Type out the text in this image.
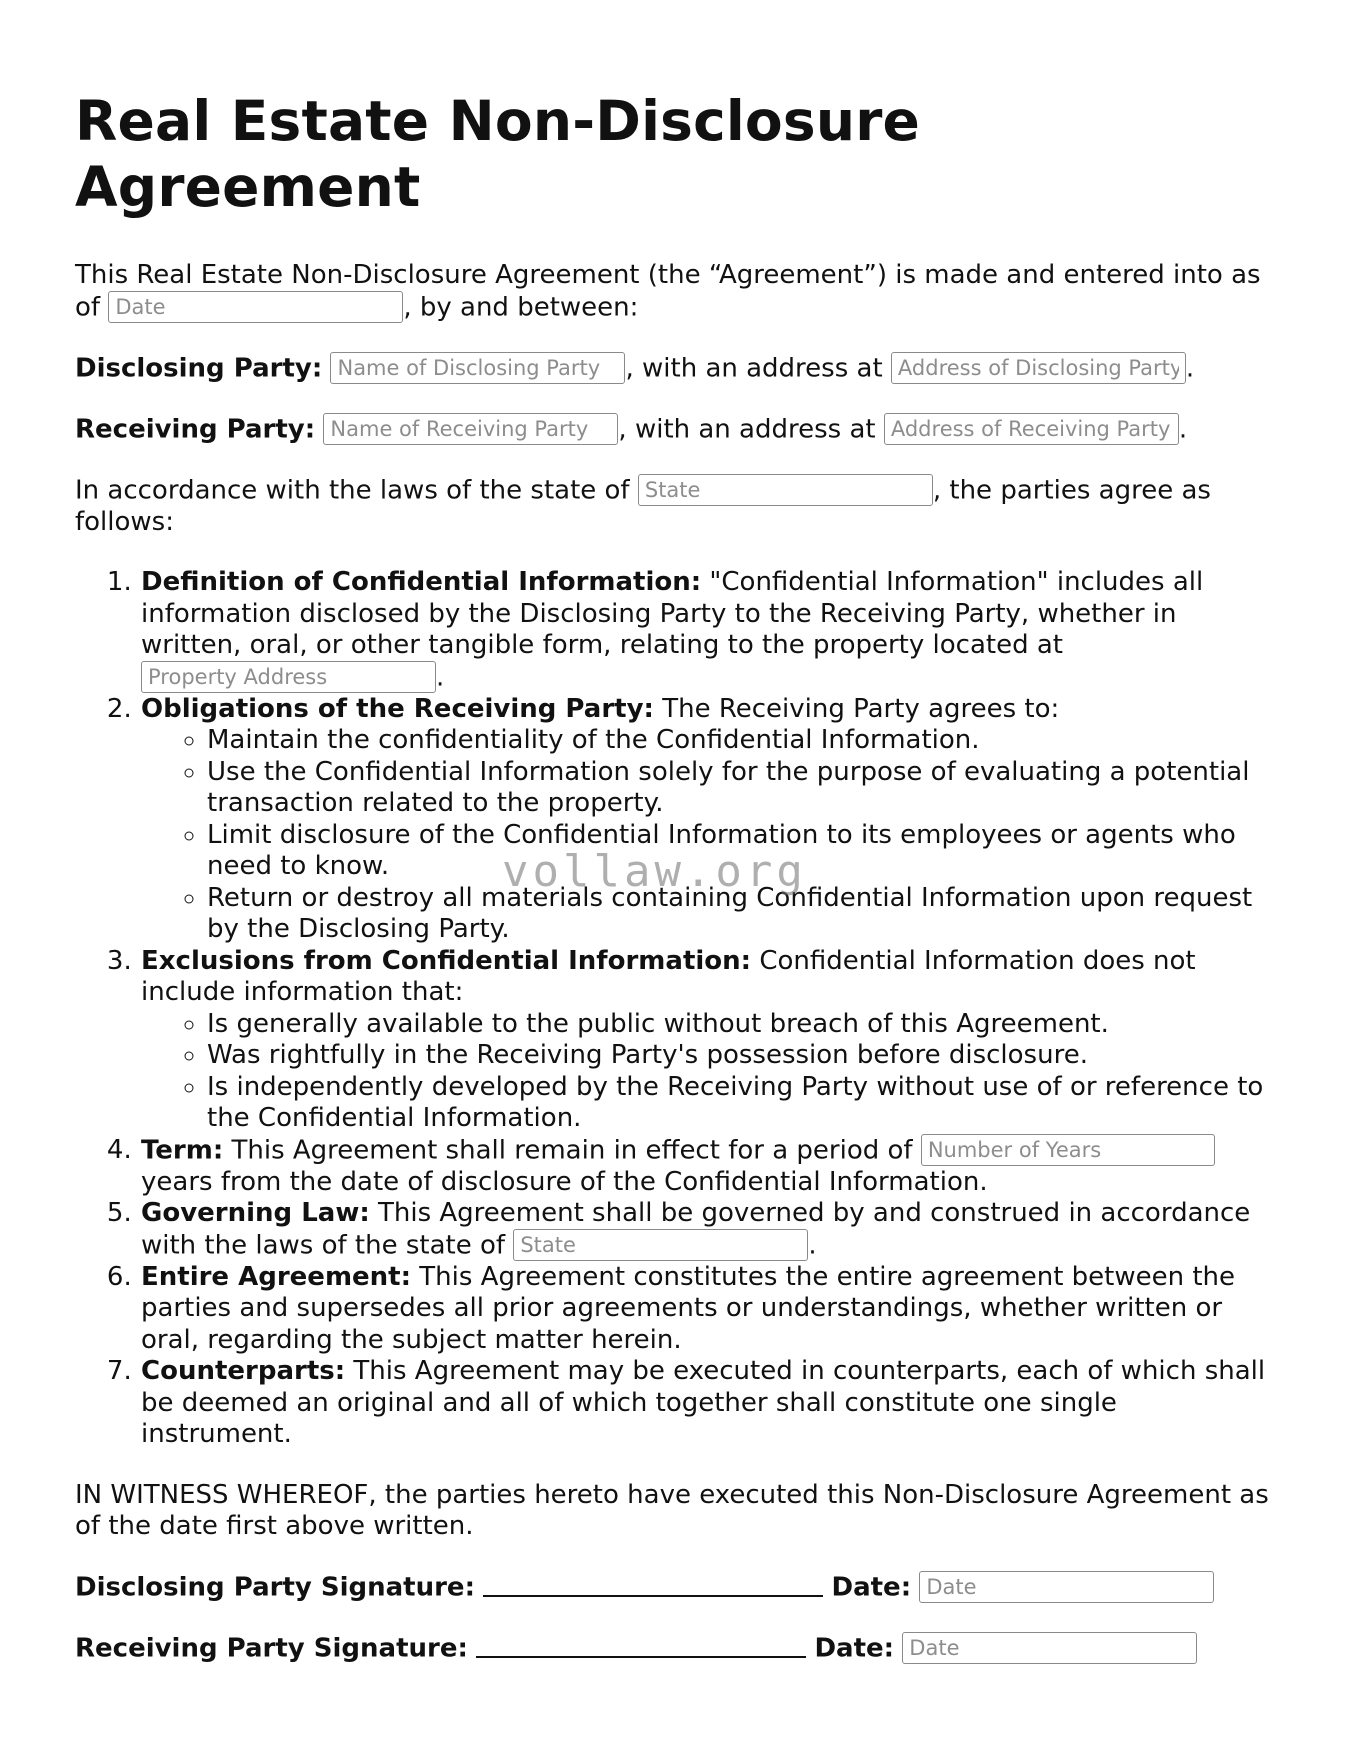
Real Estate Non-Disclosure Agreement

This Real Estate Non-Disclosure Agreement (the “Agreement”) is made and entered into as of Date	, by and between:

Disclosing Party: Name of Disclosing Party	, with an address at Address of Disclosing Party	.

Receiving Party: Name of Receiving Party	, with an address at Address of Receiving Party	.

In accordance with the laws of the state of State	, the parties agree as follows:

1. Definition of Confidential Information: "Confidential Information" includes all information disclosed by the Disclosing Party to the Receiving Party, whether in written, oral, or other tangible form, relating to the property located at Property Address.
2. Obligations of the Receiving Party: The Receiving Party agrees to:
◦ Maintain the confidentiality of the Confidential Information.
◦ Use the Confidential Information solely for the purpose of evaluating a potential transaction related to the property.
◦ Limit disclosure of the Confidential Information to its employees or agents who need to know.
◦ Return or destroy all materials containing Confidential Information upon request by the Disclosing Party.
3. Exclusions from Confidential Information: Confidential Information does not include information that:
◦ Is generally available to the public without breach of this Agreement.
◦ Was rightfully in the Receiving Party's possession before disclosure.
◦ Is independently developed by the Receiving Party without use of or reference to the Confidential Information.
4. Term: This Agreement shall remain in effect for a period of Number of Years years from the date of disclosure of the Confidential Information.
5. Governing Law: This Agreement shall be governed by and construed in accordance with the laws of the state of State	.
6. Entire Agreement: This Agreement constitutes the entire agreement between the parties and supersedes all prior agreements or understandings, whether written or oral, regarding the subject matter herein.
7. Counterparts: This Agreement may be executed in counterparts, each of which shall be deemed an original and all of which together shall constitute one single instrument.

IN WITNESS WHEREOF, the parties hereto have executed this Non-Disclosure Agreement as of the date first above written.

Disclosing Party Signature:	Date: Date

Receiving Party Signature:	Date: Date

vollaw.org
